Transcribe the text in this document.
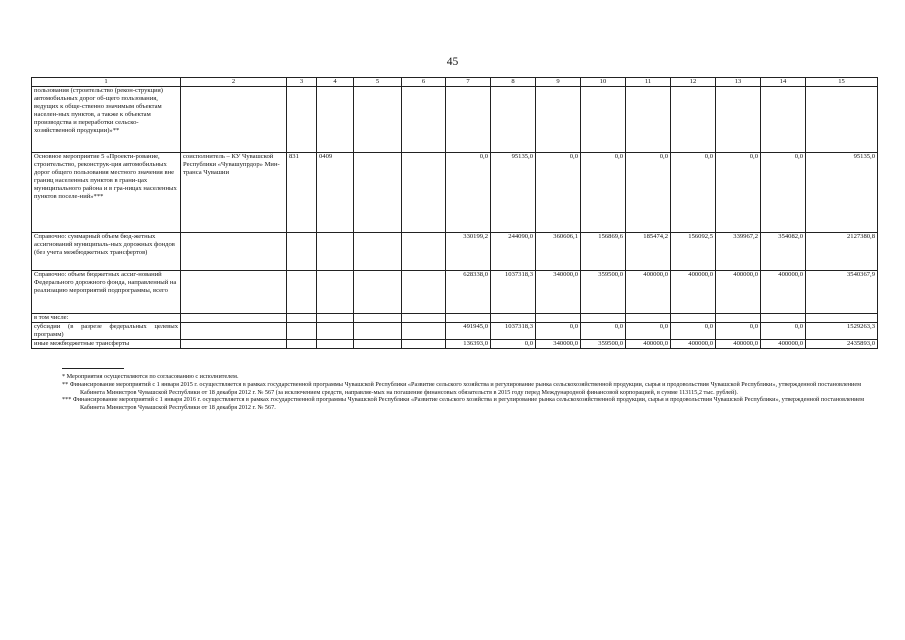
45
1	2	3	4	5	6	7	8	9	10	11	12	13	14	15
пользования (строительство (рекон-струкция) автомобильных дорог об-щего пользования, ведущих к обще-ственно значимым объектам населен-ных пунктов, а также к объектам производства и переработки сельско-хозяйственной продукции)»**														
Основное мероприятие 5 «Проекти-рование, строительство, реконструк-ция автомобильных дорог общего пользования местного значения вне границ населенных пунктов в грани-цах муниципального района и в гра-ницах населенных пунктов поселе-ний»***	соисполнитель – КУ Чувашской Республики «Чувашупрдор» Мин-транса Чувашии	831	0409			0,0	95135,0	0,0	0,0	0,0	0,0	0,0	0,0	95135,0
Справочно: суммарный объем бюд-жетных ассигнований муниципаль-ных дорожных фондов (без учета межбюджетных трансфертов)						330199,2	244090,0	360606,1	156869,6	185474,2	156092,5	339967,2	354082,0	2127380,8
Справочно: объем бюджетных ассиг-нований Федерального дорожного фонда, направленный на реализацию мероприятий подпрограммы, всего						628338,0	1037318,3	340000,0	359500,0	400000,0	400000,0	400000,0	400000,0	3540367,9
в том числе:														
субсидии (в разрезе федеральных целевых программ)						491945,0	1037318,3	0,0	0,0	0,0	0,0	0,0	0,0	1529263,3
иные межбюджетные трансферты						136393,0	0,0	340000,0	359500,0	400000,0	400000,0	400000,0	400000,0	2435893,0
* Мероприятия осуществляются по согласованию с исполнителем.
** Финансирование мероприятий с 1 января 2015 г. осуществляется в рамках государственной программы Чувашской Республики «Развитие сельского хозяйства и регулирование рынка сельскохозяйственной продукции, сырья и продовольствия Чувашской Республики», утвержденной постановлением Кабинета Министров Чувашской Республики от 18 декабря 2012 г. № 567 (за исключением средств, направляе-мых на погашение финансовых обязательств в 2015 году перед Международной финансовой корпорацией, в сумме 113115,2 тыс. рублей).
*** Финансирование мероприятий с 1 января 2016 г. осуществляется в рамках государственной программы Чувашской Республики «Развитие сельского хозяйства и регулирование рынка сельскохозяйственной продукции, сырья и продовольствия Чувашской Республики», утвержденной постановлением Кабинета Министров Чувашской Республики от 18 декабря 2012 г. № 567.
